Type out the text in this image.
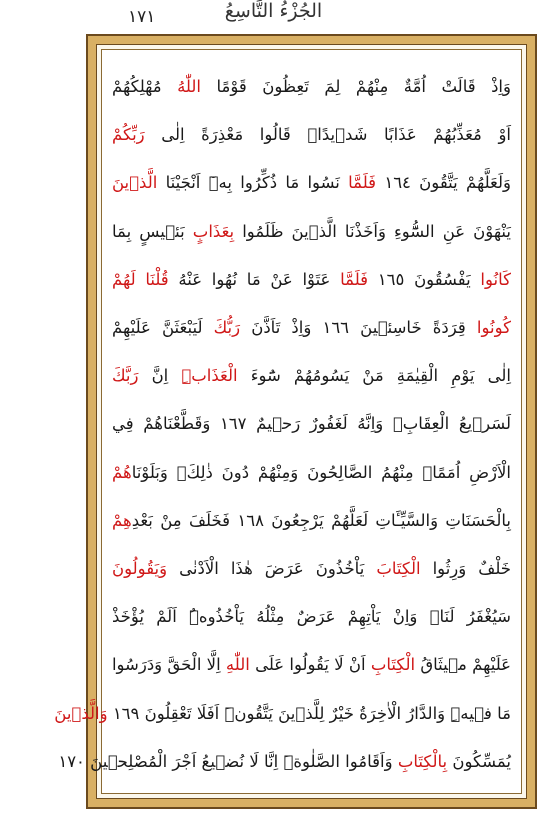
١٧١	الجُزْءُ التَّاسِعُ
وَاِذْ قَالَتْ اُمَّةٌ مِنْهُمْ لِمَ تَعِظُونَ قَوْمًا اللّٰهُ مُهْلِكُهُمْ
اَوْ مُعَذِّبُهُمْ عَذَابًا شَد۪يدًاۜ قَالُوا مَعْذِرَةً اِلٰى رَبِّكُمْ
وَلَعَلَّهُمْ يَتَّقُونَ ١٦٤ فَلَمَّا نَسُوا مَا ذُكِّرُوا بِه۪ٓ اَنْجَيْنَا الَّذ۪ينَ
يَنْهَوْنَ عَنِ السُّٓوءِ وَاَخَذْنَا الَّذ۪ينَ ظَلَمُوا بِعَذَابٍ بَئ۪يسٍ بِمَا
كَانُوا يَفْسُقُونَ ١٦٥ فَلَمَّا عَتَوْا عَنْ مَا نُهُوا عَنْهُ قُلْنَا لَهُمْ
كُونُوا قِرَدَةً خَاسِئ۪ينَ ١٦٦ وَاِذْ تَاَذَّنَ رَبُّكَ لَيَبْعَثَنَّ عَلَيْهِمْ
اِلٰى يَوْمِ الْقِيٰمَةِ مَنْ يَسُومُهُمْ سُٓوءَ الْعَذَابِۜ اِنَّ رَبَّكَ
لَسَر۪يعُ الْعِقَابِۚ وَاِنَّهُ لَغَفُورٌ رَح۪يمٌ ١٦٧ وَقَطَّعْنَاهُمْ فِي
الْاَرْضِ اُمَمًاۚ مِنْهُمُ الصَّالِحُونَ وَمِنْهُمْ دُونَ ذٰلِكَۘ وَبَلَوْنَاهُمْ
بِالْحَسَنَاتِ وَالسَّيِّـَٔاتِ لَعَلَّهُمْ يَرْجِعُونَ ١٦٨ فَخَلَفَ مِنْ بَعْدِهِمْ
خَلْفٌ وَرِثُوا الْكِتَابَ يَاْخُذُونَ عَرَضَ هٰذَا الْاَدْنٰى وَيَقُولُونَ
سَيُغْفَرُ لَنَاۚ وَاِنْ يَاْتِهِمْ عَرَضٌ مِثْلُهُ يَاْخُذُوهُۜ اَلَمْ يُؤْخَذْ
عَلَيْهِمْ م۪يثَاقُ الْكِتَابِ اَنْ لَا يَقُولُوا عَلَى اللّٰهِ اِلَّا الْحَقَّ وَدَرَسُوا
مَا ف۪يهِۜ وَالدَّارُ الْاٰخِرَةُ خَيْرٌ لِلَّذ۪ينَ يَتَّقُونَۜ اَفَلَا تَعْقِلُونَ ١٦٩ وَالَّذ۪ينَ
يُمَسِّكُونَ بِالْكِتَابِ وَاَقَامُوا الصَّلٰوةَۜ اِنَّا لَا نُض۪يعُ اَجْرَ الْمُصْلِح۪ينَ ١٧٠
